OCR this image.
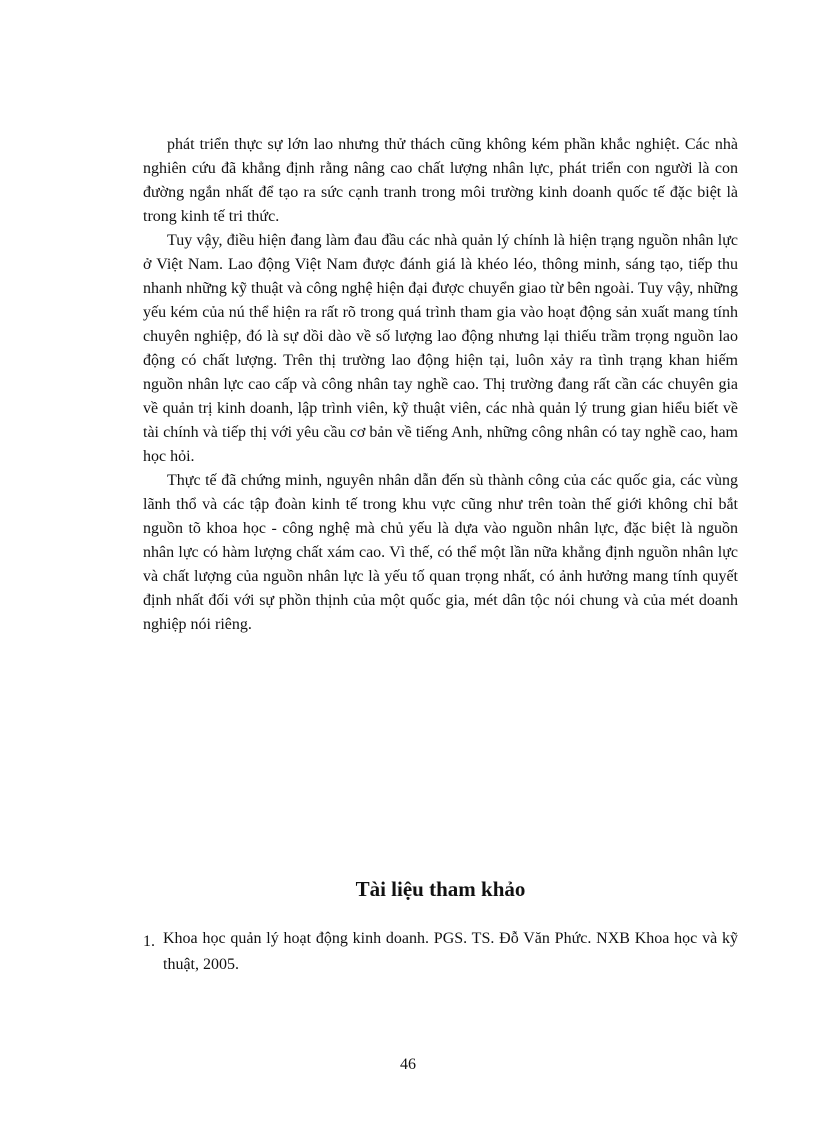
phát triển thực sự lớn lao nhưng thử thách cũng không kém phần khắc nghiệt. Các nhà nghiên cứu đã khẳng định rằng nâng cao chất lượng nhân lực, phát triển con người là con đường ngắn nhất để tạo ra sức cạnh tranh trong môi trường kinh doanh quốc tế đặc biệt là trong kinh tế tri thức.

Tuy vậy, điều hiện đang làm đau đầu các nhà quản lý chính là hiện trạng nguồn nhân lực ở Việt Nam. Lao động Việt Nam được đánh giá là khéo léo, thông minh, sáng tạo, tiếp thu nhanh những kỹ thuật và công nghệ hiện đại được chuyển giao từ bên ngoài. Tuy vậy, những yếu kém của nú thể hiện ra rất rõ trong quá trình tham gia vào hoạt động sản xuất mang tính chuyên nghiệp, đó là sự dồi dào về số lượng lao động nhưng lại thiếu trầm trọng nguồn lao động có chất lượng. Trên thị trường lao động hiện tại, luôn xảy ra tình trạng khan hiếm nguồn nhân lực cao cấp và công nhân tay nghề cao. Thị trường đang rất cần các chuyên gia về quản trị kinh doanh, lập trình viên, kỹ thuật viên, các nhà quản lý trung gian hiểu biết về tài chính và tiếp thị với yêu cầu cơ bản về tiếng Anh, những công nhân có tay nghề cao, ham học hỏi.

Thực tế đã chứng minh, nguyên nhân dẫn đến sù thành công của các quốc gia, các vùng lãnh thổ và các tập đoàn kinh tế trong khu vực cũng như trên toàn thế giới không chỉ bắt nguồn tõ khoa học - công nghệ mà chủ yếu là dựa vào nguồn nhân lực, đặc biệt là nguồn nhân lực có hàm lượng chất xám cao. Vì thế, có thể một lần nữa khẳng định nguồn nhân lực và chất lượng của nguồn nhân lực là yếu tố quan trọng nhất, có ảnh hưởng mang tính quyết định nhất đối với sự phồn thịnh của một quốc gia, mét dân tộc nói chung và của mét doanh nghiệp nói riêng.

Tài liệu tham khảo
1. Khoa học quản lý hoạt động kinh doanh. PGS. TS. Đỗ Văn Phức. NXB Khoa học và kỹ thuật, 2005.
46
